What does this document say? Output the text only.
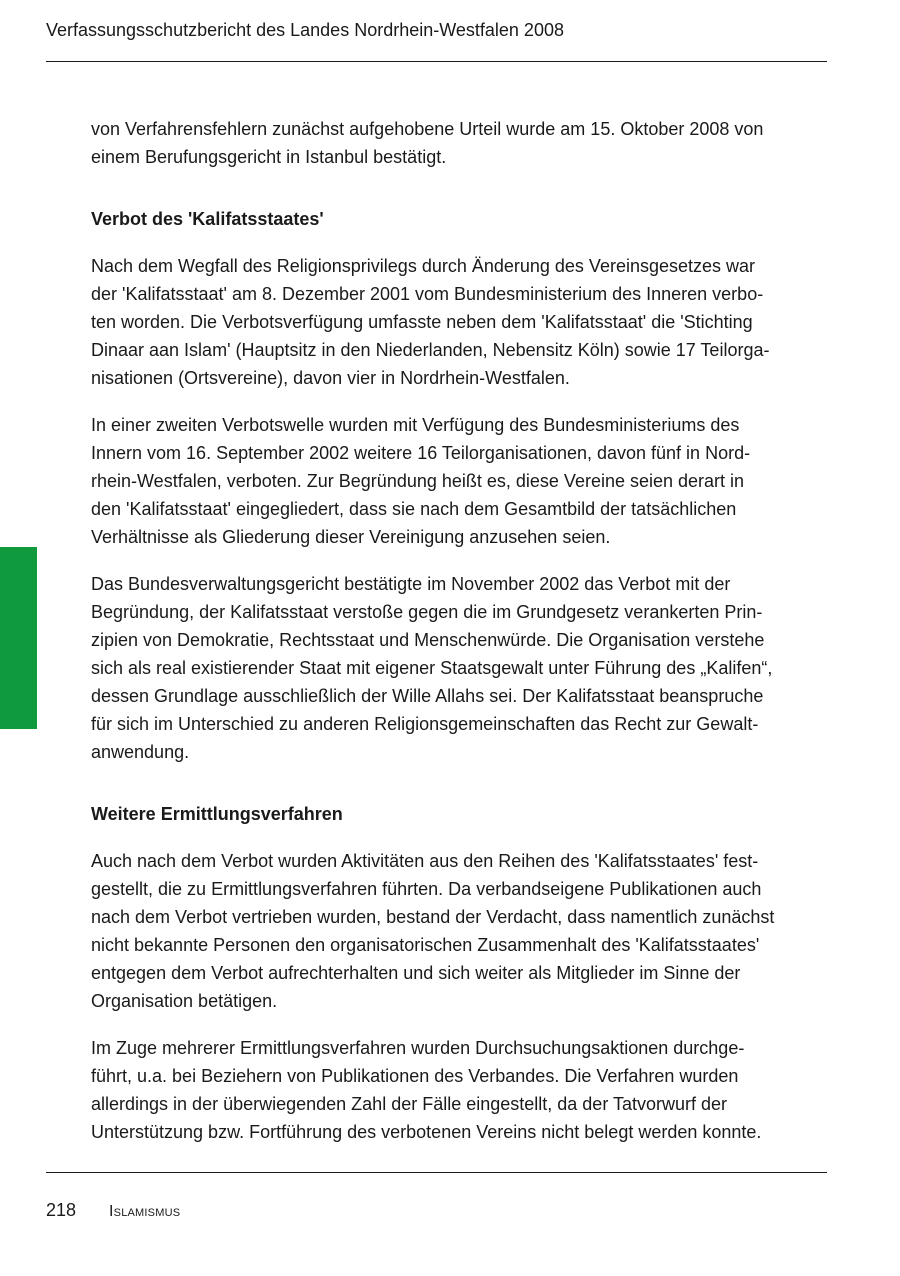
Verfassungsschutzbericht des Landes Nordrhein-Westfalen 2008

von Verfahrensfehlern zunächst aufgehobene Urteil wurde am 15. Oktober 2008 von
einem Berufungsgericht in Istanbul bestätigt.

Verbot des 'Kalifatsstaates'

Nach dem Wegfall des Religionsprivilegs durch Änderung des Vereinsgesetzes war
der 'Kalifatsstaat' am 8. Dezember 2001 vom Bundesministerium des Inneren verbo-
ten worden. Die Verbotsverfügung umfasste neben dem 'Kalifatsstaat' die 'Stichting
Dinaar aan Islam' (Hauptsitz in den Niederlanden, Nebensitz Köln) sowie 17 Teilorga-
nisationen (Ortsvereine), davon vier in Nordrhein-Westfalen.

In einer zweiten Verbotswelle wurden mit Verfügung des Bundesministeriums des
Innern vom 16. September 2002 weitere 16 Teilorganisationen, davon fünf in Nord-
rhein-Westfalen, verboten. Zur Begründung heißt es, diese Vereine seien derart in
den 'Kalifatsstaat' eingegliedert, dass sie nach dem Gesamtbild der tatsächlichen
Verhältnisse als Gliederung dieser Vereinigung anzusehen seien.

Das Bundesverwaltungsgericht bestätigte im November 2002 das Verbot mit der
Begründung, der Kalifatsstaat verstoße gegen die im Grundgesetz verankerten Prin-
zipien von Demokratie, Rechtsstaat und Menschenwürde. Die Organisation verstehe
sich als real existierender Staat mit eigener Staatsgewalt unter Führung des „Kalifen“,
dessen Grundlage ausschließlich der Wille Allahs sei. Der Kalifatsstaat beanspruche
für sich im Unterschied zu anderen Religionsgemeinschaften das Recht zur Gewalt-
anwendung.

Weitere Ermittlungsverfahren

Auch nach dem Verbot wurden Aktivitäten aus den Reihen des 'Kalifatsstaates' fest-
gestellt, die zu Ermittlungsverfahren führten. Da verbandseigene Publikationen auch
nach dem Verbot vertrieben wurden, bestand der Verdacht, dass namentlich zunächst
nicht bekannte Personen den organisatorischen Zusammenhalt des 'Kalifatsstaates'
entgegen dem Verbot aufrechterhalten und sich weiter als Mitglieder im Sinne der
Organisation betätigen.

Im Zuge mehrerer Ermittlungsverfahren wurden Durchsuchungsaktionen durchge-
führt, u.a. bei Beziehern von Publikationen des Verbandes. Die Verfahren wurden
allerdings in der überwiegenden Zahl der Fälle eingestellt, da der Tatvorwurf der
Unterstützung bzw. Fortführung des verbotenen Vereins nicht belegt werden konnte.

218 Islamismus
